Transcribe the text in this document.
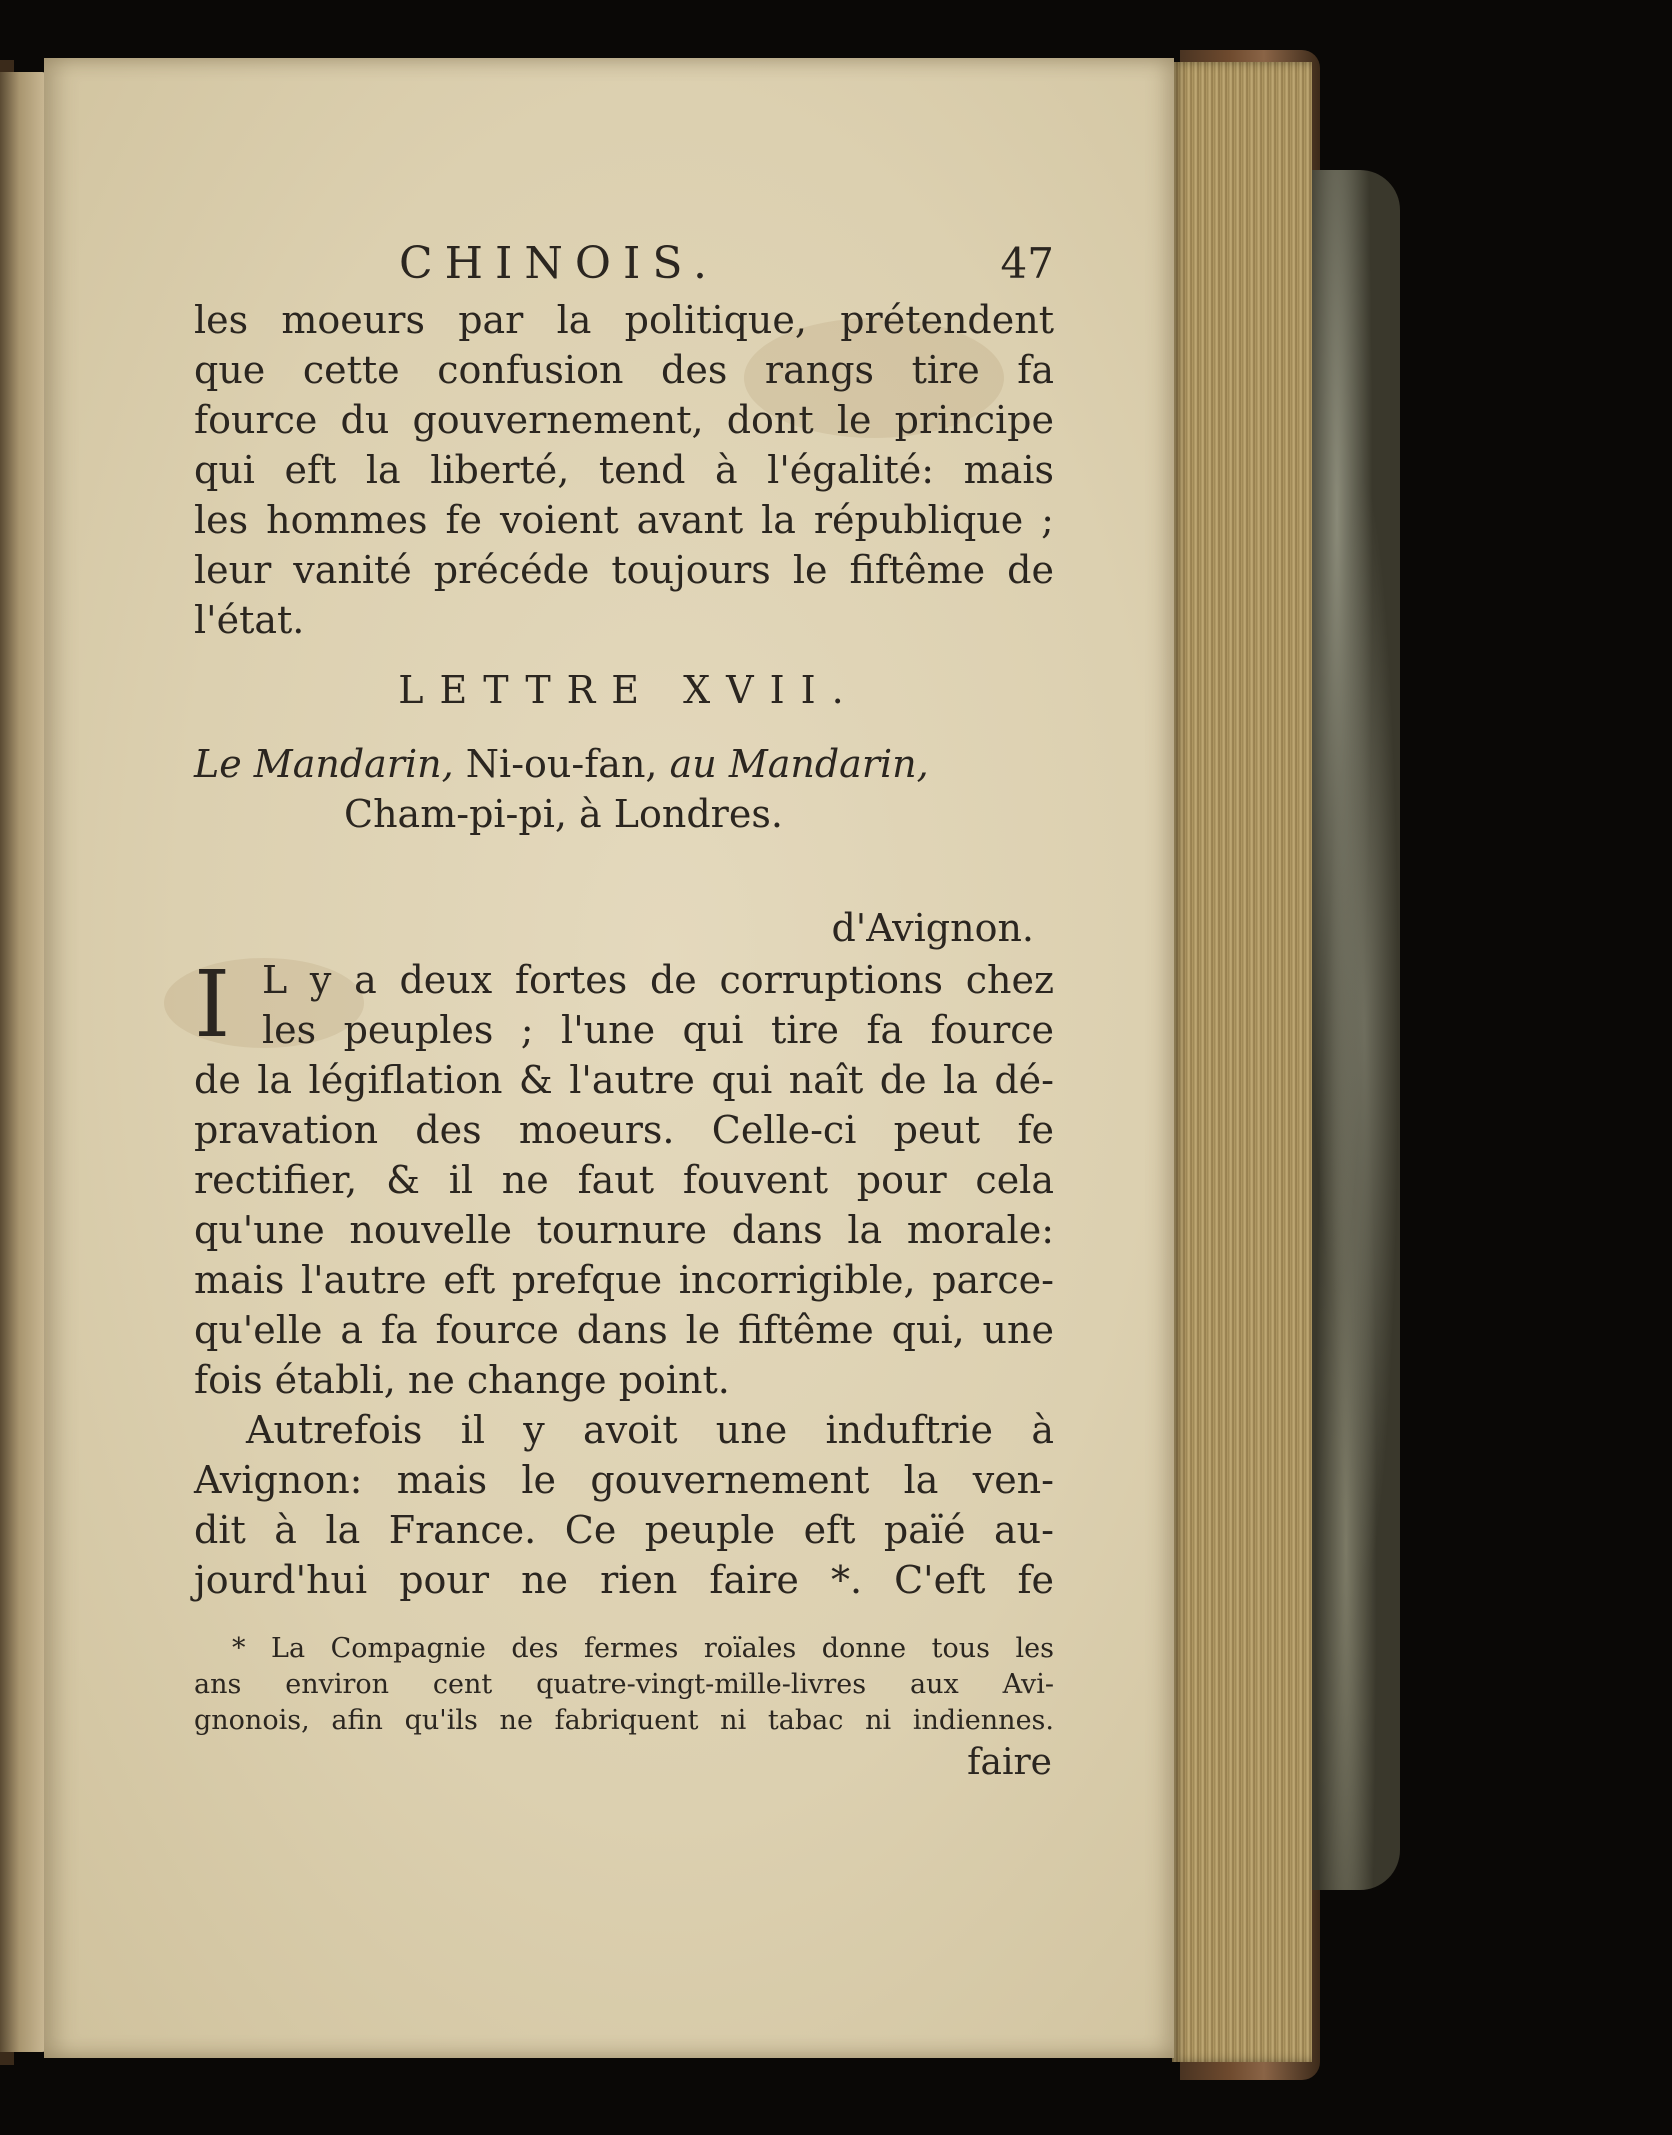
CHINOIS.	47
les moeurs par la politique, prétendent
que cette confusion des rangs tire fa
fource du gouvernement, dont le principe
qui eft la liberté, tend à l'égalité: mais
les hommes fe voient avant la république ;
leur vanité précéde toujours le fiftême de
l'état.
LETTRE XVII.
Le Mandarin, Ni-ou-fan, au Mandarin,
Cham-pi-pi, à Londres.
d'Avignon.
I L y a deux fortes de corruptions chez
les peuples ; l'une qui tire fa fource
de la légiflation & l'autre qui naît de la dé-
pravation des moeurs. Celle-ci peut fe
rectifier, & il ne faut fouvent pour cela
qu'une nouvelle tournure dans la morale:
mais l'autre eft prefque incorrigible, parce-
qu'elle a fa fource dans le fiftême qui, une
fois établi, ne change point.
Autrefois il y avoit une induftrie à
Avignon: mais le gouvernement la ven-
dit à la France. Ce peuple eft païé au-
jourd'hui pour ne rien faire *. C'eft fe
* La Compagnie des fermes roïales donne tous les
ans environ cent quatre-vingt-mille-livres aux Avi-
gnonois, afin qu'ils ne fabriquent ni tabac ni indiennes.
faire
